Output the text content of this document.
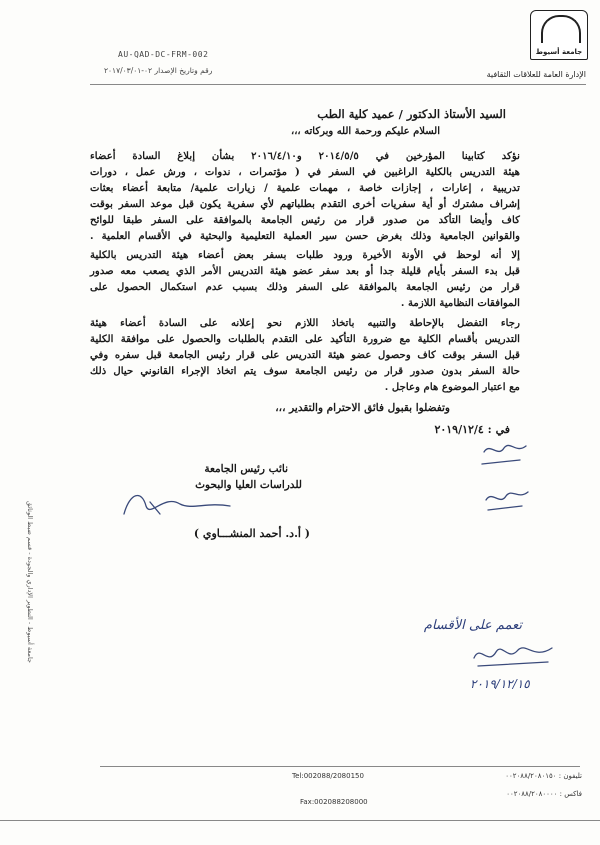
جامعة أسيوط
AU-QAD-DC-FRM-002
رقم وتاريخ الإصدار ٠٢-٢٠١٧/٠٣/٠١	الإدارة العامة للعلاقات الثقافية
السيد الأستاذ الدكتور / عميد كلية الطب
السلام عليكم ورحمة الله وبركاته ،،،
نؤكد كتابينا المؤرخين في ٢٠١٤/٥/٥ و٢٠١٦/٤/١٠ بشأن إبلاغ السادة أعضاء
هيئة التدريس بالكلية الراغبين في السفر في ( مؤتمرات ، ندوات ، ورش عمل ، دورات
تدريبية ، إعارات ، إجازات خاصة ، مهمات علمية / زيارات علمية/ متابعة أعضاء بعثات
إشراف مشترك أو أية سفريات أخرى التقدم بطلباتهم لأي سفرية يكون قبل موعد السفر بوقت
كاف وأيضا التأكد من صدور قرار من رئيس الجامعة بالموافقة على السفر طبقا للوائح
والقوانين الجامعية وذلك بغرض حسن سير العملية التعليمية والبحثية في الأقسام العلمية .
إلا أنه لوحظ في الأونة الأخيرة ورود طلبات بسفر بعض أعضاء هيئة التدريس بالكلية
قبل بدء السفر بأيام قليلة جدا أو بعد سفر عضو هيئة التدريس الأمر الذي يصعب معه صدور
قرار من رئيس الجامعة بالموافقة على السفر وذلك بسبب عدم استكمال الحصول على
الموافقات النظامية اللازمة .
رجاء التفضل بالإحاطة والتنبيه باتخاذ اللازم نحو إعلانه على السادة أعضاء هيئة
التدريس بأقسام الكلية مع ضرورة التأكيد على التقدم بالطلبات والحصول على موافقة الكلية
قبل السفر بوقت كاف وحصول عضو هيئة التدريس على قرار رئيس الجامعة قبل سفره وفي
حالة السفر بدون صدور قرار من رئيس الجامعة سوف يتم اتخاذ الإجراء القانوني حيال ذلك
مع اعتبار الموضوع هام وعاجل .
وتفضلوا بقبول فائق الاحترام والتقدير ،،،
في : ٢٠١٩/١٢/٤
نائب رئيس الجامعة
للدراسات العليا والبحوث
( أ.د. أحمد المنشـــاوي )
تعمم على الأقسام
٢٠١٩/١٢/١٥
جامعة أسيوط - التطوير الإداري والجودة - قسم ضبط الوثائق
Tel:002088/2080150
Fax:002088208000
تليفون : ٠٠٢٠٨٨/٢٠٨٠١٥٠
فاكس : ٠٠٢٠٨٨/٢٠٨٠٠٠٠
